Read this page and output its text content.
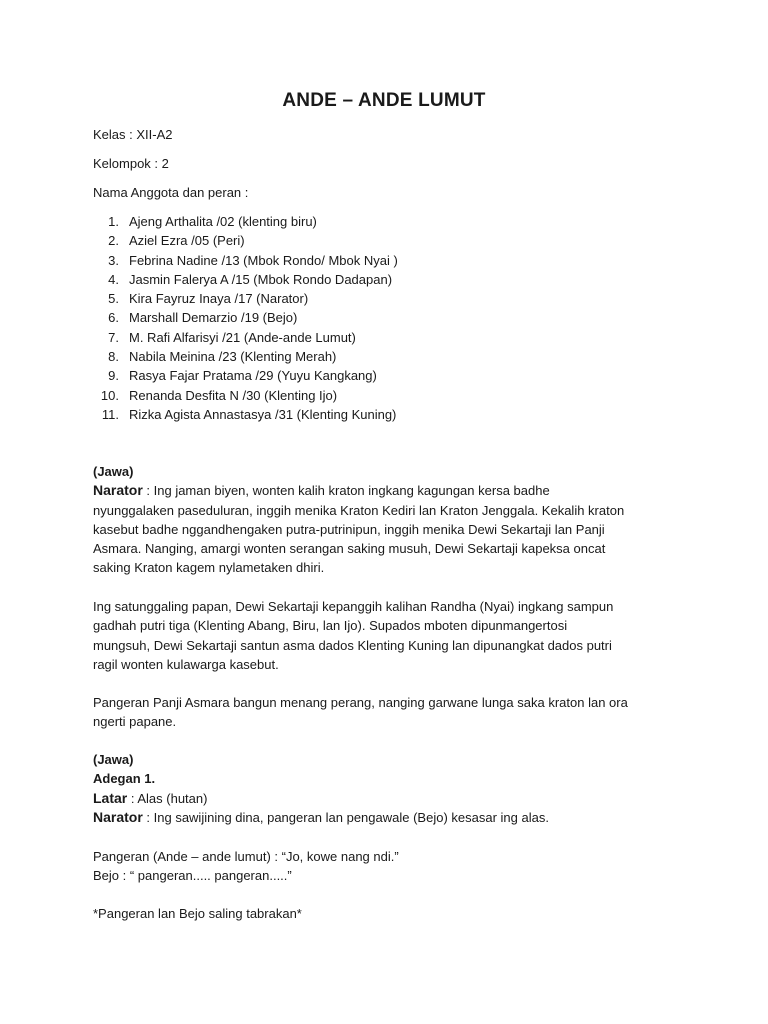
ANDE – ANDE LUMUT
Kelas : XII-A2
Kelompok : 2
Nama Anggota dan peran :
1. Ajeng Arthalita /02 (klenting biru)
2. Aziel Ezra /05 (Peri)
3. Febrina Nadine /13 (Mbok Rondo/ Mbok Nyai )
4. Jasmin Falerya A /15 (Mbok Rondo Dadapan)
5. Kira Fayruz Inaya /17 (Narator)
6. Marshall Demarzio /19 (Bejo)
7. M. Rafi Alfarisyi /21 (Ande-ande Lumut)
8. Nabila Meinina /23 (Klenting Merah)
9. Rasya Fajar Pratama /29 (Yuyu Kangkang)
10. Renanda Desfita N /30 (Klenting Ijo)
11. Rizka Agista Annastasya /31 (Klenting Kuning)
(Jawa)
Narator : Ing jaman biyen, wonten kalih kraton ingkang kagungan kersa badhe
nyunggalaken paseduluran, inggih menika Kraton Kediri lan Kraton Jenggala. Kekalih kraton
kasebut badhe nggandhengaken putra-putrinipun, inggih menika Dewi Sekartaji lan Panji
Asmara. Nanging, amargi wonten serangan saking musuh, Dewi Sekartaji kapeksa oncat
saking Kraton kagem nylametaken dhiri.
Ing satunggaling papan, Dewi Sekartaji kepanggih kalihan Randha (Nyai) ingkang sampun
gadhah putri tiga (Klenting Abang, Biru, lan Ijo). Supados mboten dipunmangertosi
mungsuh, Dewi Sekartaji santun asma dados Klenting Kuning lan dipunangkat dados putri
ragil wonten kulawarga kasebut.
Pangeran Panji Asmara bangun menang perang, nanging garwane lunga saka kraton lan ora
ngerti papane.
(Jawa)
Adegan 1.
Latar : Alas (hutan)
Narator : Ing sawijining dina, pangeran lan pengawale (Bejo) kesasar ing alas.
Pangeran (Ande – ande lumut) : “Jo, kowe nang ndi.”
Bejo : “ pangeran..... pangeran.....”
*Pangeran lan Bejo saling tabrakan*
